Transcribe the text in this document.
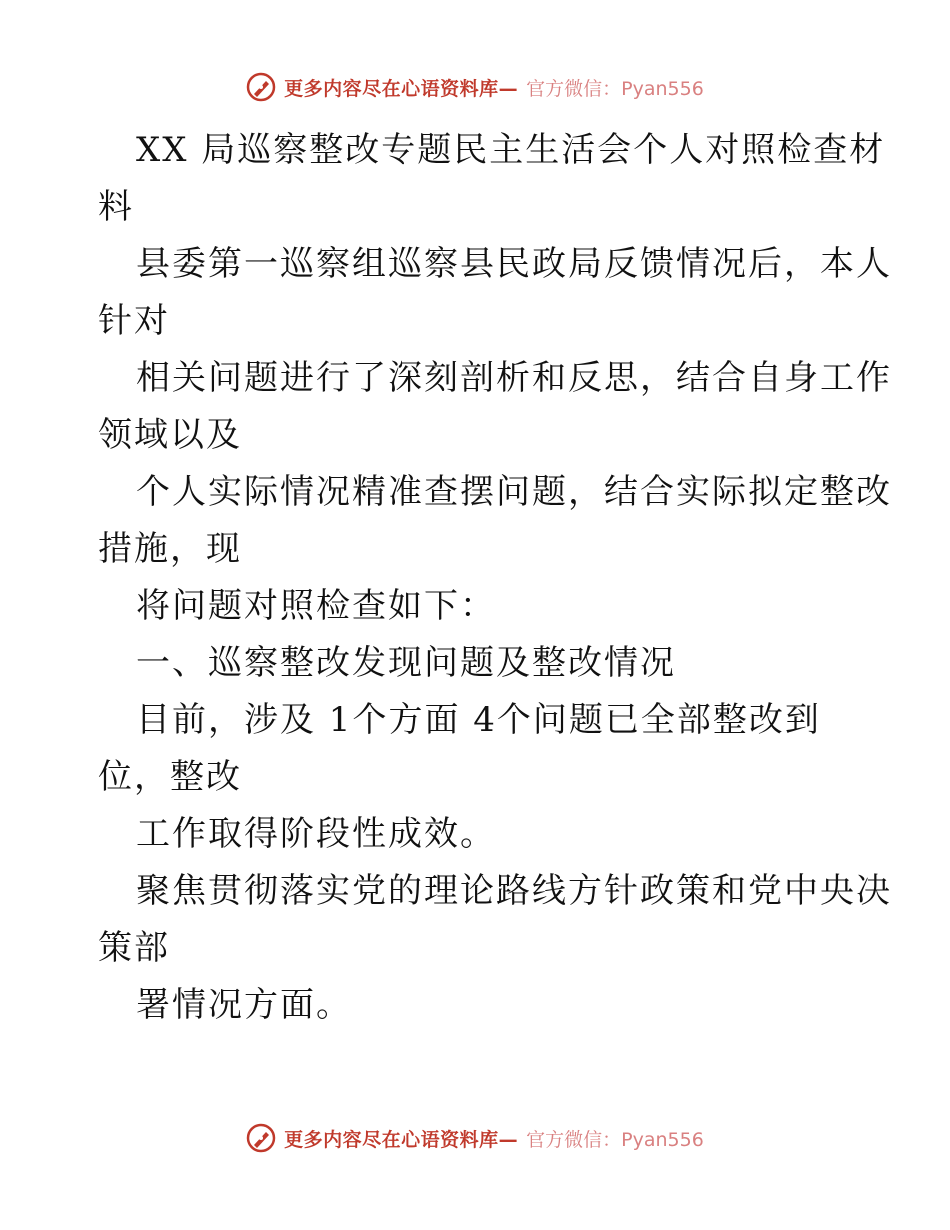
更多内容尽在心语资料库— 官方微信：Pyan556
XX 局巡察整改专题民主生活会个人对照检查材
料
县委第一巡察组巡察县民政局反馈情况后，本人
针对
相关问题进行了深刻剖析和反思，结合自身工作
领域以及
个人实际情况精准查摆问题，结合实际拟定整改
措施，现
将问题对照检查如下：
一、巡察整改发现问题及整改情况
目前，涉及 1个方面 4个问题已全部整改到
位，整改
工作取得阶段性成效。
聚焦贯彻落实党的理论路线方针政策和党中央决
策部
署情况方面。
更多内容尽在心语资料库— 官方微信：Pyan556
